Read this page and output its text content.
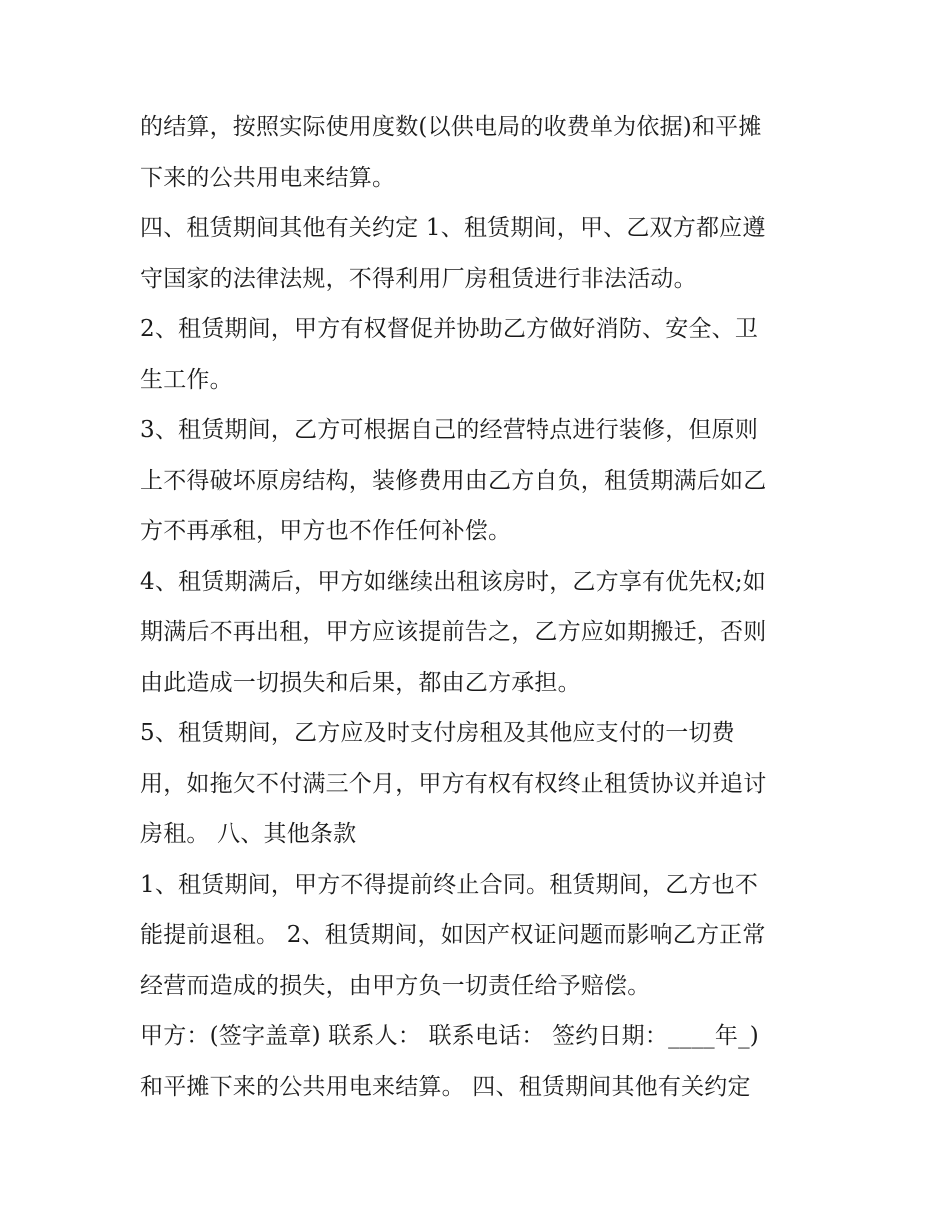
的结算，按照实际使用度数(以供电局的收费单为依据)和平摊
下来的公共用电来结算。
四、租赁期间其他有关约定 1、租赁期间，甲、乙双方都应遵
守国家的法律法规，不得利用厂房租赁进行非法活动。
2、租赁期间，甲方有权督促并协助乙方做好消防、安全、卫
生工作。
3、租赁期间，乙方可根据自己的经营特点进行装修，但原则
上不得破坏原房结构，装修费用由乙方自负，租赁期满后如乙
方不再承租，甲方也不作任何补偿。
4、租赁期满后，甲方如继续出租该房时，乙方享有优先权;如
期满后不再出租，甲方应该提前告之，乙方应如期搬迁，否则
由此造成一切损失和后果，都由乙方承担。
5、租赁期间，乙方应及时支付房租及其他应支付的一切费
用，如拖欠不付满三个月，甲方有权有权终止租赁协议并追讨
房租。 八、其他条款
1、租赁期间，甲方不得提前终止合同。租赁期间，乙方也不
能提前退租。 2、租赁期间，如因产权证问题而影响乙方正常
经营而造成的损失，由甲方负一切责任给予赔偿。
甲方：(签字盖章) 联系人： 联系电话： 签约日期：____年_)
和平摊下来的公共用电来结算。 四、租赁期间其他有关约定
